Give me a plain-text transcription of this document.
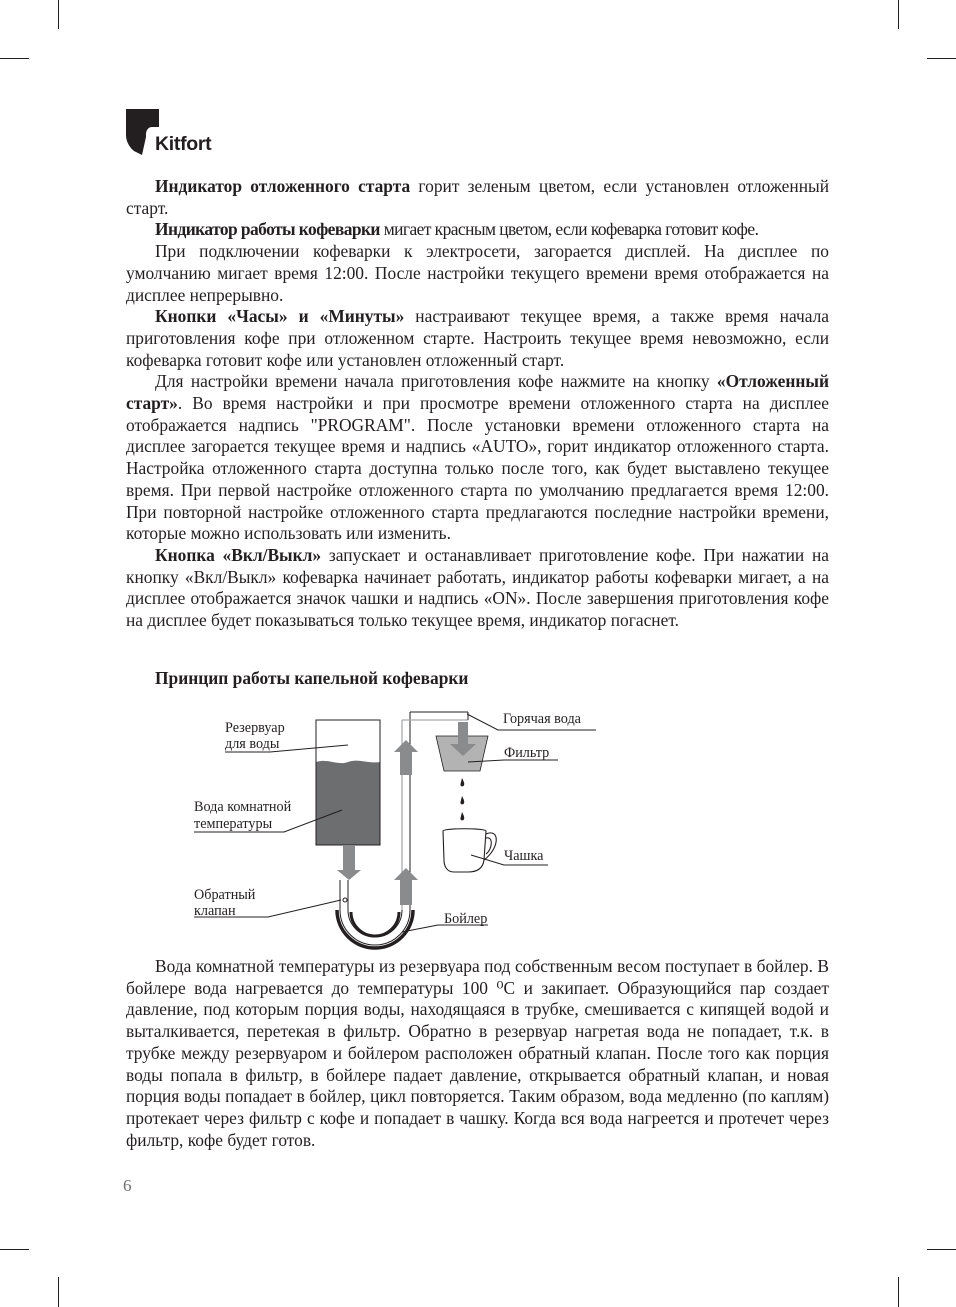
Kitfort

Индикатор отложенного старта горит зеленым цветом, если установлен отложенный старт.

Индикатор работы кофеварки мигает красным цветом, если кофеварка готовит кофе.

При подключении кофеварки к электросети, загорается дисплей. На дисплее по умолчанию мигает время 12:00. После настройки текущего времени время отображается на дисплее непрерывно.

Кнопки «Часы» и «Минуты» настраивают текущее время, а также время начала приготовления кофе при отложенном старте. Настроить текущее время невозможно, если кофеварка готовит кофе или установлен отложенный старт.

Для настройки времени начала приготовления кофе нажмите на кнопку «Отложенный старт». Во время настройки и при просмотре времени отложенного старта на дисплее отображается надпись "PROGRAM". После установки времени отложенного старта на дисплее загорается текущее время и надпись «AUTO», горит индикатор отложенного старта. Настройка отложенного старта доступна только после того, как будет выставлено текущее время. При первой настройке отложенного старта по умолчанию предлагается время 12:00. При повторной настройке отложенного старта предлагаются последние настройки времени, которые можно использовать или изменить.

Кнопка «Вкл/Выкл» запускает и останавливает приготовление кофе. При нажатии на кнопку «Вкл/Выкл» кофеварка начинает работать, индикатор работы кофеварки мигает, а на дисплее отображается значок чашки и надпись «ON». После завершения приготовления кофе на дисплее будет показываться только текущее время, индикатор погаснет.

Принцип работы капельной кофеварки
Резервуар
для воды
Вода комнатной
температуры
Обратный
клапан
Горячая вода
Фильтр
Чашка
Бойлер

Вода комнатной температуры из резервуара под собственным весом поступает в бойлер. В бойлере вода нагревается до температуры 100 ⁰С и закипает. Образующийся пар создает давление, под которым порция воды, находящаяся в трубке, смешивается с кипящей водой и выталкивается, перетекая в фильтр. Обратно в резервуар нагретая вода не попадает, т.к. в трубке между резервуаром и бойлером расположен обратный клапан. После того как порция воды попала в фильтр, в бойлере падает давление, открывается обратный клапан, и новая порция воды попадает в бойлер, цикл повторяется. Таким образом, вода медленно (по каплям) протекает через фильтр с кофе и попадает в чашку. Когда вся вода нагреется и протечет через фильтр, кофе будет готов.

6
